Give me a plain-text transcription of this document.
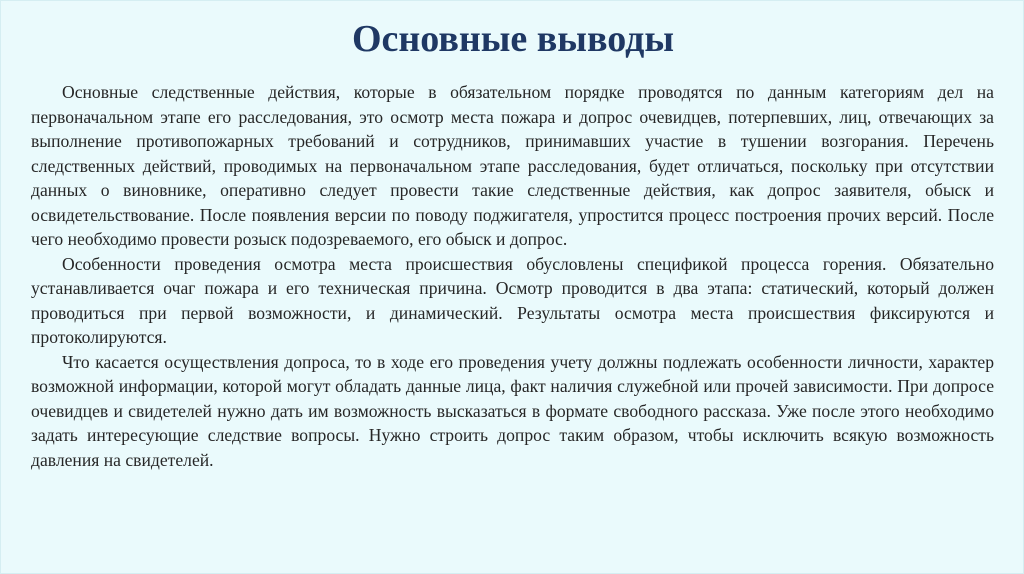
Основные выводы

Основные следственные действия, которые в обязательном порядке проводятся по данным категориям дел на первоначальном этапе его расследования, это осмотр места пожара и допрос очевидцев, потерпевших, лиц, отвечающих за выполнение противопожарных требований и сотрудников, принимавших участие в тушении возгорания. Перечень следственных действий, проводимых на первоначальном этапе расследования, будет отличаться, поскольку при отсутствии данных о виновнике, оперативно следует провести такие следственные действия, как допрос заявителя, обыск и освидетельствование. После появления версии по поводу поджигателя, упростится процесс построения прочих версий. После чего необходимо провести розыск подозреваемого, его обыск и допрос.

Особенности проведения осмотра места происшествия обусловлены спецификой процесса горения. Обязательно устанавливается очаг пожара и его техническая причина. Осмотр проводится в два этапа: статический, который должен проводиться при первой возможности, и динамический. Результаты осмотра места происшествия фиксируются и протоколируются.

Что касается осуществления допроса, то в ходе его проведения учету должны подлежать особенности личности, характер возможной информации, которой могут обладать данные лица, факт наличия служебной или прочей зависимости. При допросе очевидцев и свидетелей нужно дать им возможность высказаться в формате свободного рассказа. Уже после этого необходимо задать интересующие следствие вопросы. Нужно строить допрос таким образом, чтобы исключить всякую возможность давления на свидетелей.
